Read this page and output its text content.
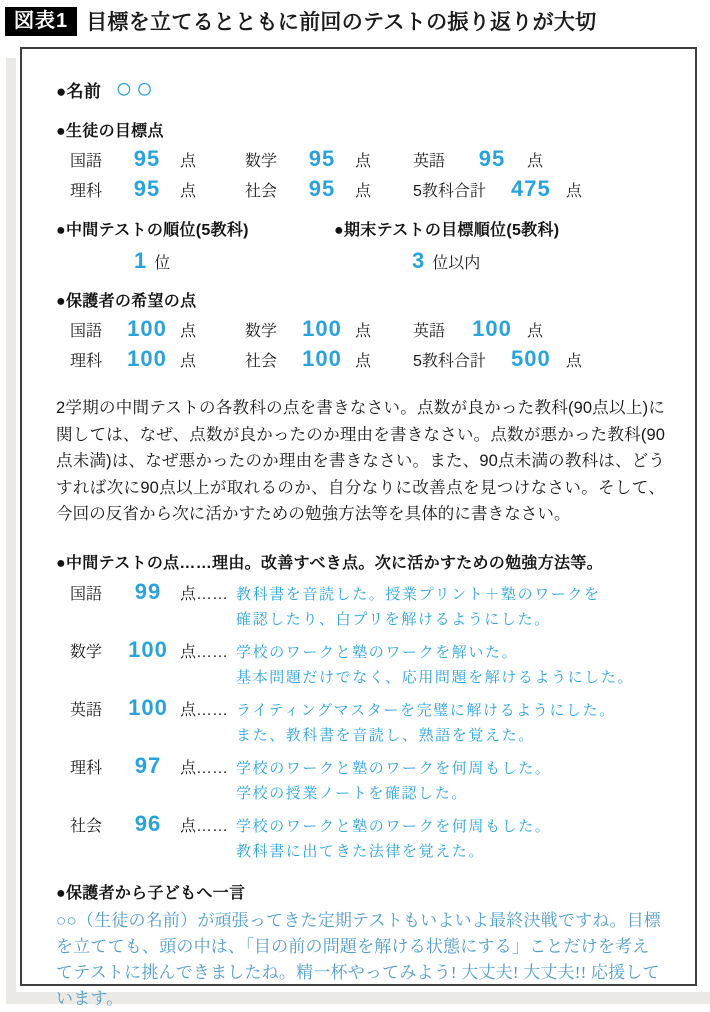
図表1 目標を立てるとともに前回のテストの振り返りが大切
●名前 ○○
●生徒の目標点
国語	95	点	数学	95	点	英語	95	点
理科	95	点	社会	95	点	5教科合計	475 点
●中間テストの順位(5教科)
1 位
●期末テストの目標順位(5教科)
3 位以内
●保護者の希望の点
国語	100 点	数学	100 点	英語	100 点
理科	100 点	社会	100 点	5教科合計	500 点
2学期の中間テストの各教科の点を書きなさい。点数が良かった教科(90点以上)に関しては、なぜ、点数が良かったのか理由を書きなさい。点数が悪かった教科(90点未満)は、なぜ悪かったのか理由を書きなさい。また、90点未満の教科は、どうすれば次に90点以上が取れるのか、自分なりに改善点を見つけなさい。そして、今回の反省から次に活かすための勉強方法等を具体的に書きなさい。
●中間テストの点……理由。改善すべき点。次に活かすための勉強方法等。
国語	99	点…… 教科書を音読した。授業プリント＋塾のワークを
確認したり、白プリを解けるようにした。
数学	100 点…… 学校のワークと塾のワークを解いた。
基本問題だけでなく、応用問題を解けるようにした。
英語	100 点…… ライティングマスターを完璧に解けるようにした。
また、教科書を音読し、熟語を覚えた。
理科	97	点…… 学校のワークと塾のワークを何周もした。
学校の授業ノートを確認した。
社会	96	点…… 学校のワークと塾のワークを何周もした。
教科書に出てきた法律を覚えた。
●保護者から子どもへ一言
○○（生徒の名前）が頑張ってきた定期テストもいよいよ最終決戦ですね。目標を立てても、頭の中は、「目の前の問題を解ける状態にする」ことだけを考えてテストに挑んできましたね。精一杯やってみよう! 大丈夫! 大丈夫!! 応援しています。
